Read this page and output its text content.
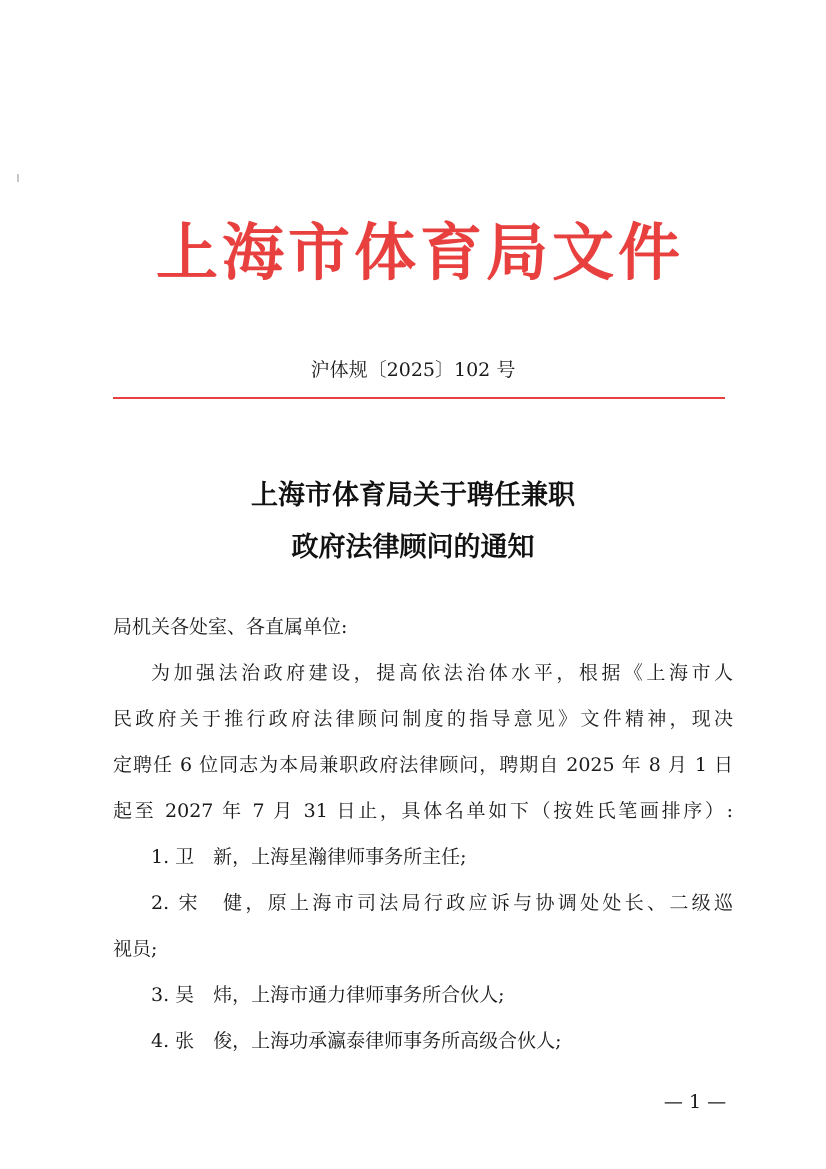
上海市体育局文件
沪体规〔2025〕102 号
上海市体育局关于聘任兼职
政府法律顾问的通知
局机关各处室、各直属单位:
为加强法治政府建设，提高依法治体水平，根据《上海市人
民政府关于推行政府法律顾问制度的指导意见》文件精神，现决
定聘任 6 位同志为本局兼职政府法律顾问，聘期自 2025 年 8 月 1 日
起至 2027 年 7 月 31 日止，具体名单如下（按姓氏笔画排序）:
1. 卫　新，上海星瀚律师事务所主任;
2. 宋　健，原上海市司法局行政应诉与协调处处长、二级巡
视员;
3. 吴　炜，上海市通力律师事务所合伙人;
4. 张　俊，上海功承瀛泰律师事务所高级合伙人;
— 1 —
